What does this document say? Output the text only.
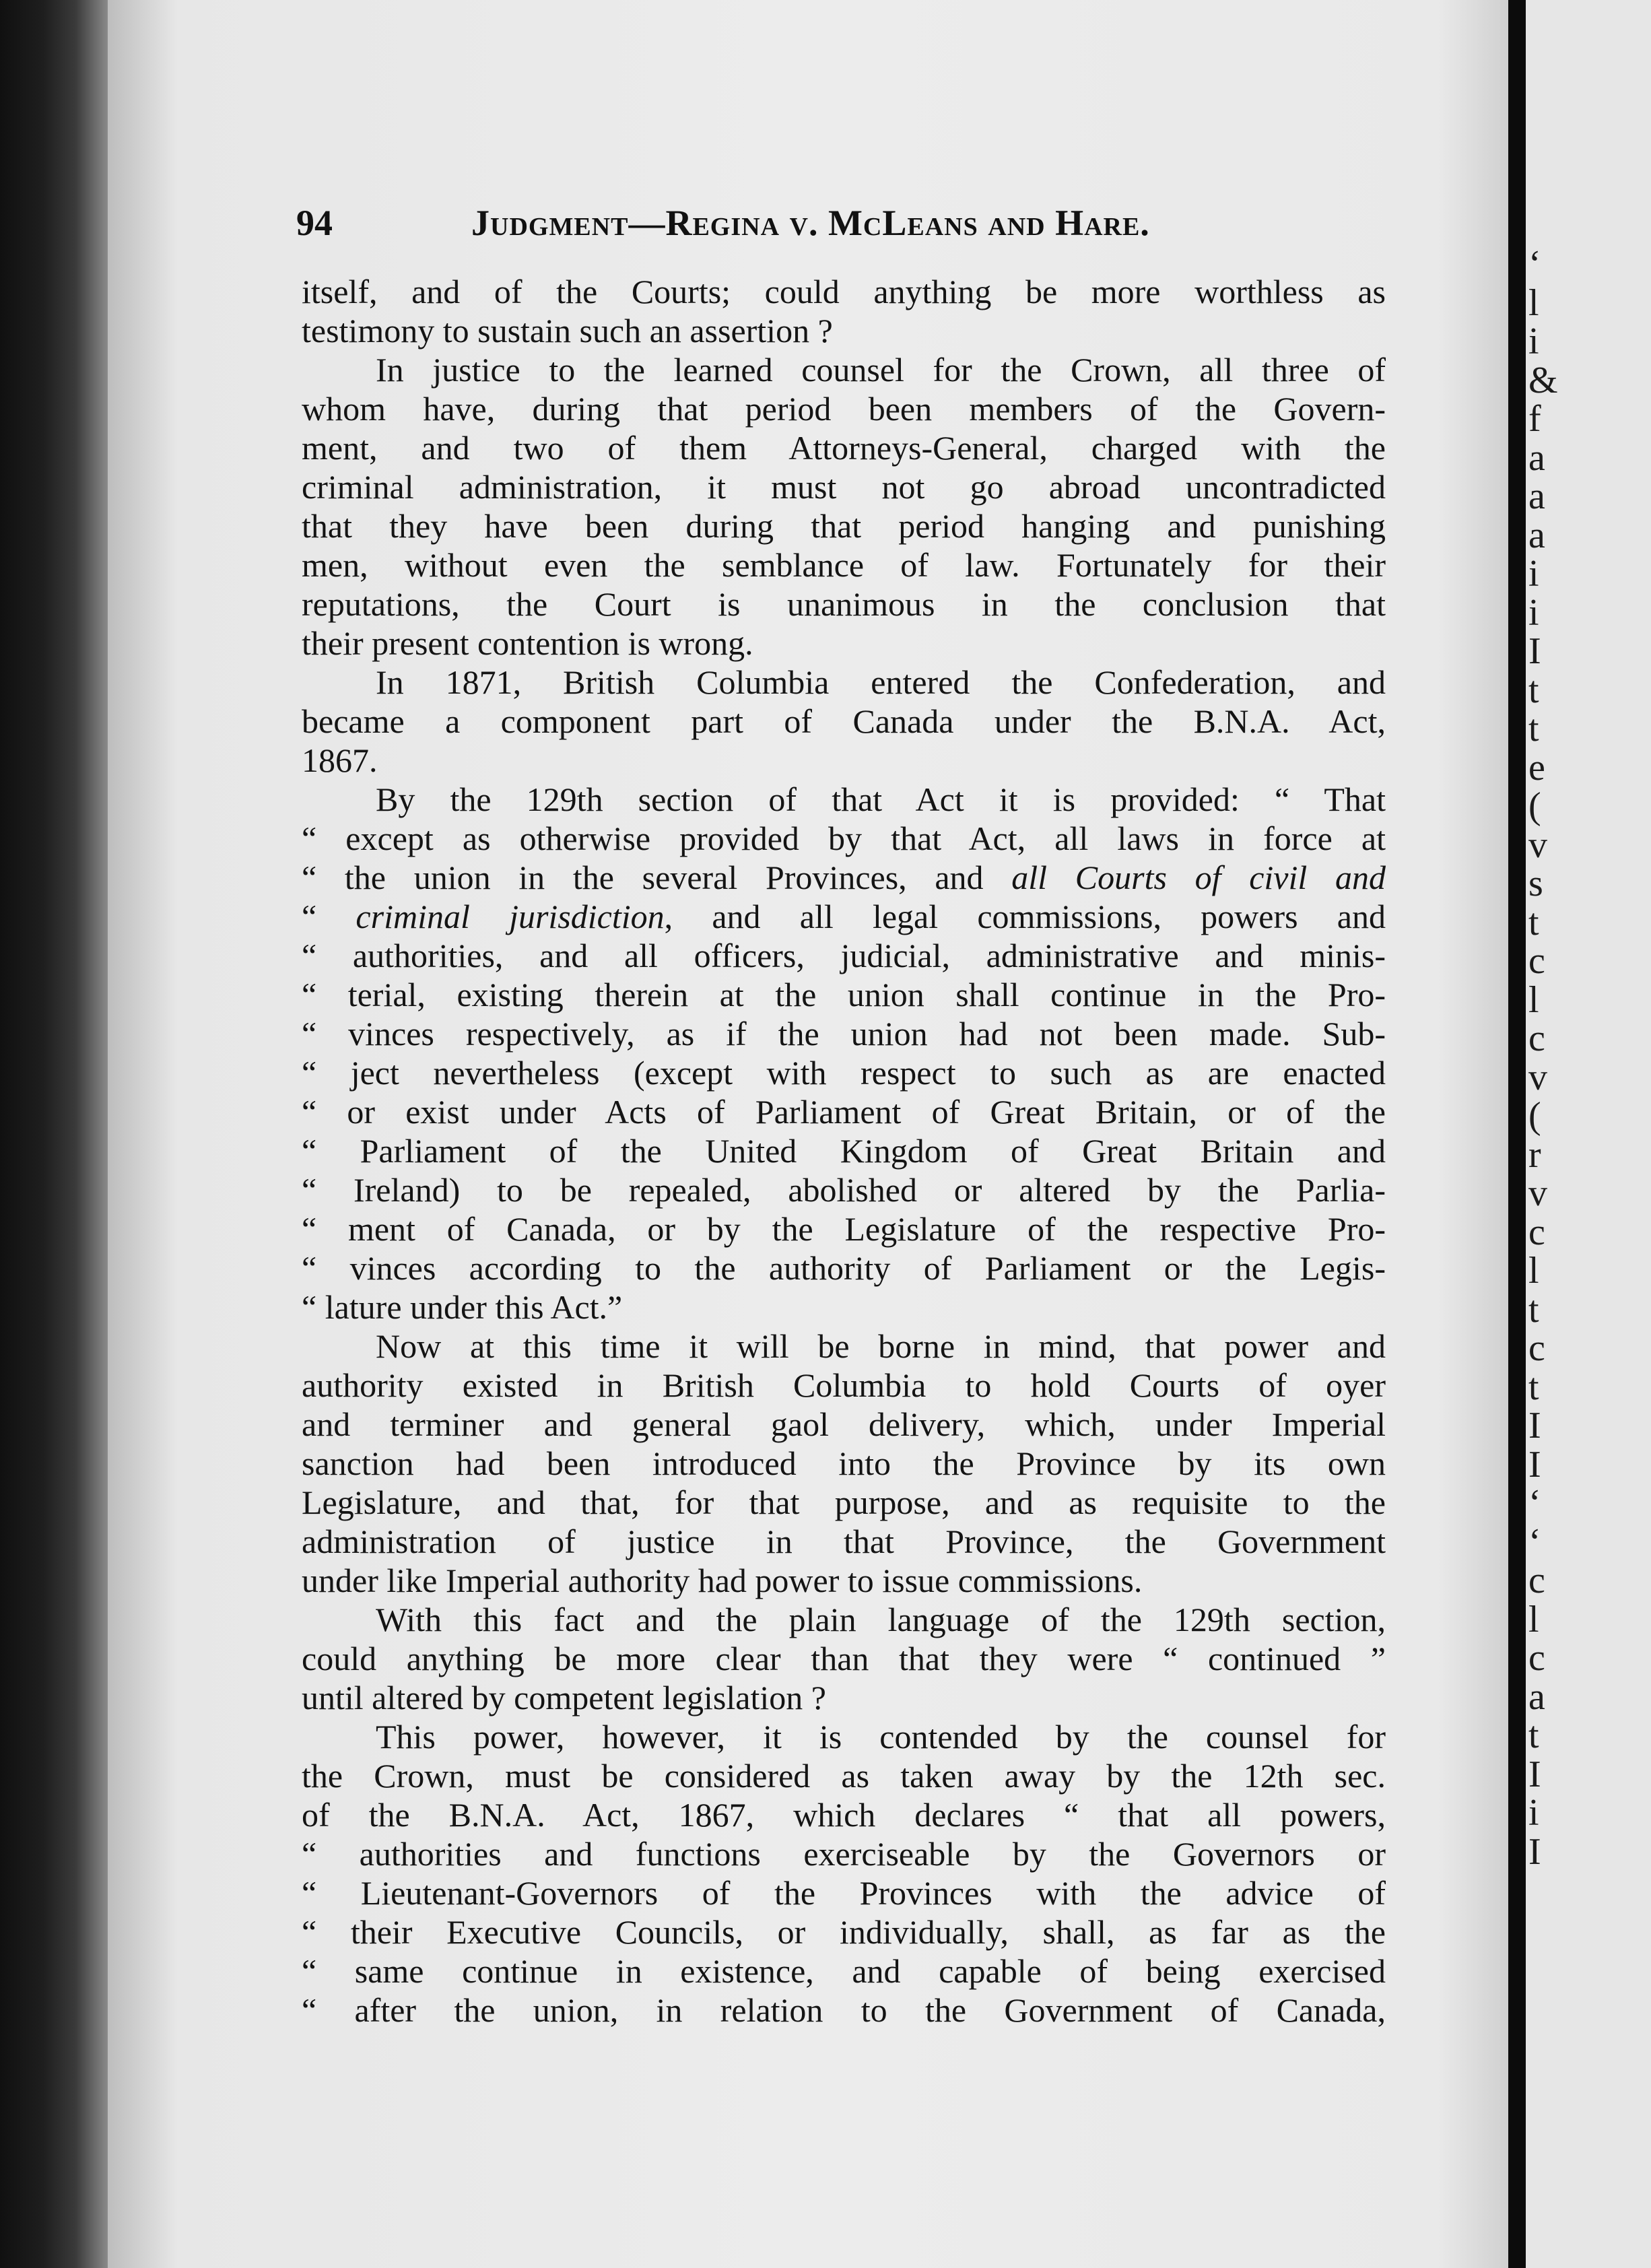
94	Judgment—Regina v. McLeans and Hare.
itself, and of the Courts; could anything be more worthless as
testimony to sustain such an assertion ?
In justice to the learned counsel for the Crown, all three of
whom have, during that period been members of the Govern-
ment, and two of them Attorneys-General, charged with the
criminal administration, it must not go abroad uncontradicted
that they have been during that period hanging and punishing
men, without even the semblance of law. Fortunately for their
reputations, the Court is unanimous in the conclusion that
their present contention is wrong.
In 1871, British Columbia entered the Confederation, and
became a component part of Canada under the B.N.A. Act,
1867.
By the 129th section of that Act it is provided: “ That
“ except as otherwise provided by that Act, all laws in force at
“ the union in the several Provinces, and all Courts of civil and
“ criminal jurisdiction, and all legal commissions, powers and
“ authorities, and all officers, judicial, administrative and minis-
“ terial, existing therein at the union shall continue in the Pro-
“ vinces respectively, as if the union had not been made. Sub-
“ ject nevertheless (except with respect to such as are enacted
“ or exist under Acts of Parliament of Great Britain, or of the
“ Parliament of the United Kingdom of Great Britain and
“ Ireland) to be repealed, abolished or altered by the Parlia-
“ ment of Canada, or by the Legislature of the respective Pro-
“ vinces according to the authority of Parliament or the Legis-
“ lature under this Act.”
Now at this time it will be borne in mind, that power and
authority existed in British Columbia to hold Courts of oyer
and terminer and general gaol delivery, which, under Imperial
sanction had been introduced into the Province by its own
Legislature, and that, for that purpose, and as requisite to the
administration of justice in that Province, the Government
under like Imperial authority had power to issue commissions.
With this fact and the plain language of the 129th section,
could anything be more clear than that they were “ continued ”
until altered by competent legislation ?
This power, however, it is contended by the counsel for
the Crown, must be considered as taken away by the 12th sec.
of the B.N.A. Act, 1867, which declares “ that all powers,
“ authorities and functions exerciseable by the Governors or
“ Lieutenant-Governors of the Provinces with the advice of
“ their Executive Councils, or individually, shall, as far as the
“ same continue in existence, and capable of being exercised
“ after the union, in relation to the Government of Canada,
‘
l
i
&
f
a
a
a
i
i
I
t
t
e
(
v
s
t
c
l
c
v
(
r
v
c
l
t
c
t
I
I
‘
‘
c
l
c
a
t
I
i
I
